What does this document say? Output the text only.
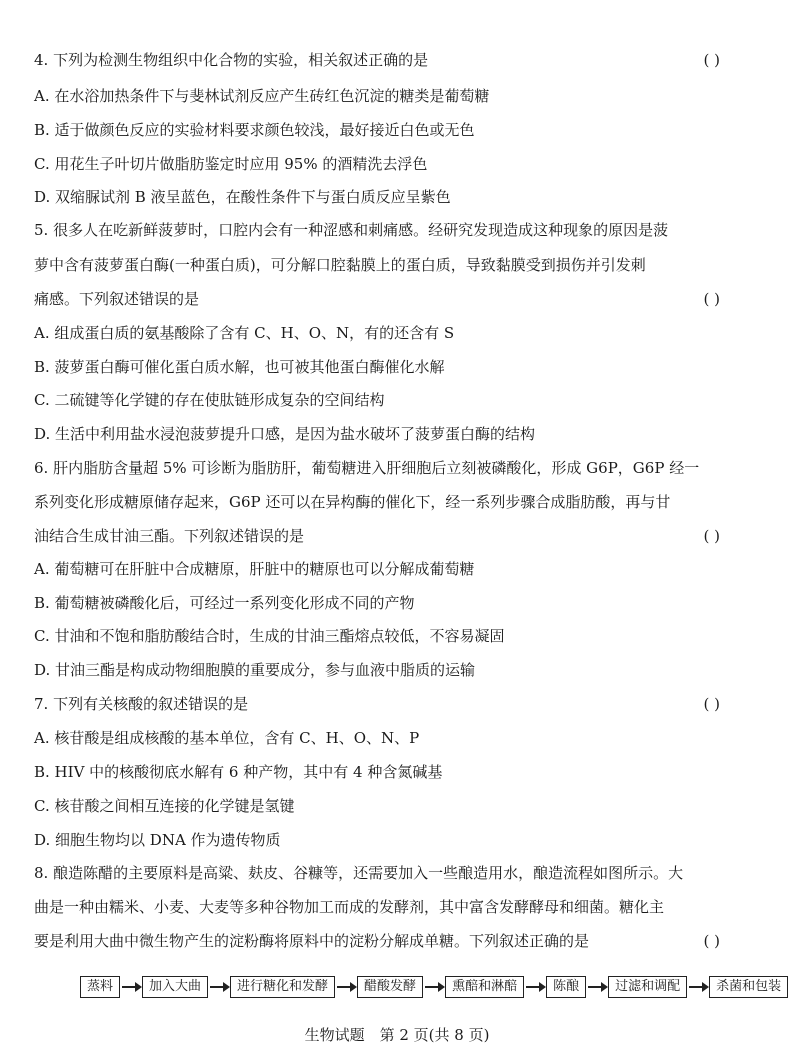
4. 下列为检测生物组织中化合物的实验，相关叙述正确的是	( )
A. 在水浴加热条件下与斐林试剂反应产生砖红色沉淀的糖类是葡萄糖
B. 适于做颜色反应的实验材料要求颜色较浅，最好接近白色或无色
C. 用花生子叶切片做脂肪鉴定时应用 95% 的酒精洗去浮色
D. 双缩脲试剂 B 液呈蓝色，在酸性条件下与蛋白质反应呈紫色
5. 很多人在吃新鲜菠萝时，口腔内会有一种涩感和刺痛感。经研究发现造成这种现象的原因是菠
萝中含有菠萝蛋白酶(一种蛋白质)，可分解口腔黏膜上的蛋白质，导致黏膜受到损伤并引发刺
痛感。下列叙述错误的是	( )
A. 组成蛋白质的氨基酸除了含有 C、H、O、N，有的还含有 S
B. 菠萝蛋白酶可催化蛋白质水解，也可被其他蛋白酶催化水解
C. 二硫键等化学键的存在使肽链形成复杂的空间结构
D. 生活中利用盐水浸泡菠萝提升口感，是因为盐水破坏了菠萝蛋白酶的结构
6. 肝内脂肪含量超 5% 可诊断为脂肪肝，葡萄糖进入肝细胞后立刻被磷酸化，形成 G6P，G6P 经一
系列变化形成糖原储存起来，G6P 还可以在异构酶的催化下，经一系列步骤合成脂肪酸，再与甘
油结合生成甘油三酯。下列叙述错误的是	( )
A. 葡萄糖可在肝脏中合成糖原，肝脏中的糖原也可以分解成葡萄糖
B. 葡萄糖被磷酸化后，可经过一系列变化形成不同的产物
C. 甘油和不饱和脂肪酸结合时，生成的甘油三酯熔点较低，不容易凝固
D. 甘油三酯是构成动物细胞膜的重要成分，参与血液中脂质的运输
7. 下列有关核酸的叙述错误的是	( )
A. 核苷酸是组成核酸的基本单位，含有 C、H、O、N、P
B. HIV 中的核酸彻底水解有 6 种产物，其中有 4 种含氮碱基
C. 核苷酸之间相互连接的化学键是氢键
D. 细胞生物均以 DNA 作为遗传物质
8. 酿造陈醋的主要原料是高粱、麸皮、谷糠等，还需要加入一些酿造用水，酿造流程如图所示。大
曲是一种由糯米、小麦、大麦等多种谷物加工而成的发酵剂，其中富含发酵酵母和细菌。糖化主
要是利用大曲中微生物产生的淀粉酶将原料中的淀粉分解成单糖。下列叙述正确的是	( )
蒸料	加入大曲	进行糖化和发酵	醋酸发酵	熏醅和淋醅	陈酿	过滤和调配	杀菌和包装
生物试题　第 2 页(共 8 页)
